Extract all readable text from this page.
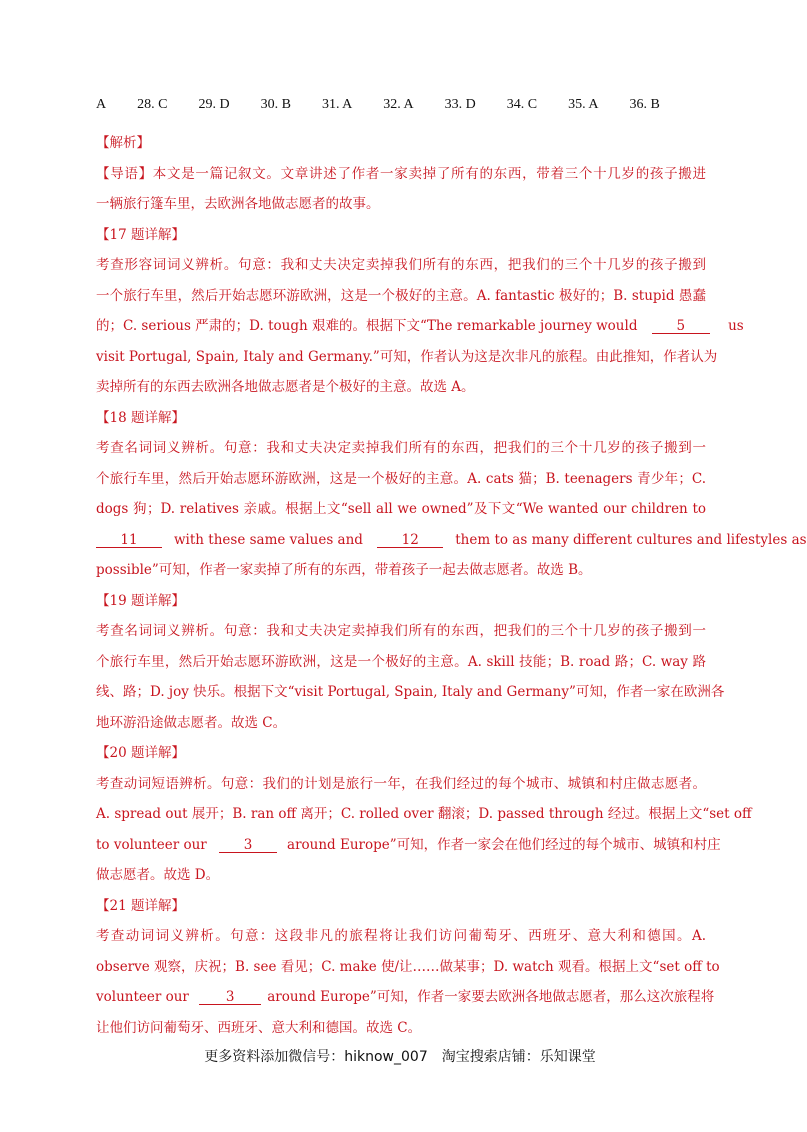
A 28. C 29. D 30. B 31. A 32. A 33. D 34. C 35. A 36. B
【解析】
【导语】本文是一篇记叙文。文章讲述了作者一家卖掉了所有的东西，带着三个十几岁的孩子搬进
一辆旅行篷车里，去欧洲各地做志愿者的故事。
【17 题详解】
考查形容词词义辨析。句意：我和丈夫决定卖掉我们所有的东西，把我们的三个十几岁的孩子搬到
一个旅行车里，然后开始志愿环游欧洲，这是一个极好的主意。A. fantastic 极好的；B. stupid 愚蠢
的；C. serious 严肃的；D. tough 艰难的。根据下文“The remarkable journey would	5	us
visit Portugal, Spain, Italy and Germany.”可知，作者认为这是次非凡的旅程。由此推知，作者认为
卖掉所有的东西去欧洲各地做志愿者是个极好的主意。故选 A。
【18 题详解】
考查名词词义辨析。句意：我和丈夫决定卖掉我们所有的东西，把我们的三个十几岁的孩子搬到一
个旅行车里，然后开始志愿环游欧洲，这是一个极好的主意。A. cats 猫；B. teenagers 青少年；C.
dogs 狗；D. relatives 亲戚。根据上文“sell all we owned”及下文“We wanted our children to
11	with these same values and	12	them to as many different cultures and lifestyles as
possible”可知，作者一家卖掉了所有的东西，带着孩子一起去做志愿者。故选 B。
【19 题详解】
考查名词词义辨析。句意：我和丈夫决定卖掉我们所有的东西，把我们的三个十几岁的孩子搬到一
个旅行车里，然后开始志愿环游欧洲，这是一个极好的主意。A. skill 技能；B. road 路；C. way 路
线、路；D. joy 快乐。根据下文“visit Portugal, Spain, Italy and Germany”可知，作者一家在欧洲各
地环游沿途做志愿者。故选 C。
【20 题详解】
考查动词短语辨析。句意：我们的计划是旅行一年，在我们经过的每个城市、城镇和村庄做志愿者。
A. spread out 展开；B. ran off 离开；C. rolled over 翻滚；D. passed through 经过。根据上文“set off
to volunteer our	3	around Europe”可知，作者一家会在他们经过的每个城市、城镇和村庄
做志愿者。故选 D。
【21 题详解】
考查动词词义辨析。句意：这段非凡的旅程将让我们访问葡萄牙、西班牙、意大利和德国。A.
observe 观察，庆祝；B. see 看见；C. make 使/让……做某事；D. watch 观看。根据上文“set off to
volunteer our	3 around Europe”可知，作者一家要去欧洲各地做志愿者，那么这次旅程将
让他们访问葡萄牙、西班牙、意大利和德国。故选 C。
更多资料添加微信号：hiknow_007　淘宝搜索店铺：乐知课堂
